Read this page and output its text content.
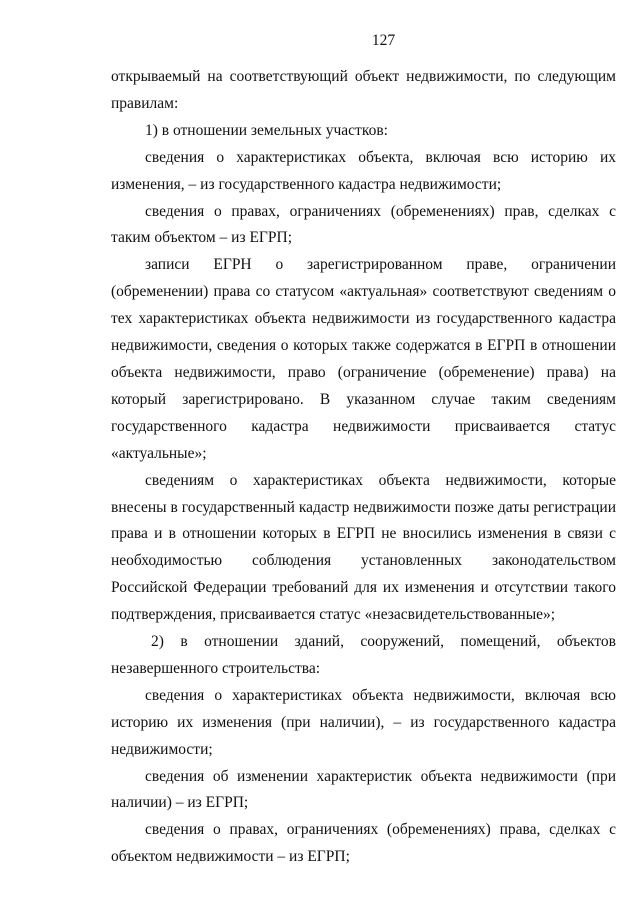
127

открываемый на соответствующий объект недвижимости, по следующим правилам:

1) в отношении земельных участков:

сведения о характеристиках объекта, включая всю историю их изменения, – из государственного кадастра недвижимости;

сведения о правах, ограничениях (обременениях) прав, сделках с таким объектом – из ЕГРП;

записи ЕГРН о зарегистрированном праве, ограничении (обременении) права со статусом «актуальная» соответствуют сведениям о тех характеристиках объекта недвижимости из государственного кадастра недвижимости, сведения о которых также содержатся в ЕГРП в отношении объекта недвижимости, право (ограничение (обременение) права) на который зарегистрировано. В указанном случае таким сведениям государственного кадастра недвижимости присваивается статус «актуальные»;

сведениям о характеристиках объекта недвижимости, которые внесены в государственный кадастр недвижимости позже даты регистрации права и в отношении которых в ЕГРП не вносились изменения в связи с необходимостью соблюдения установленных законодательством Российской Федерации требований для их изменения и отсутствии такого подтверждения, присваивается статус «незасвидетельствованные»;

2) в отношении зданий, сооружений, помещений, объектов незавершенного строительства:

сведения о характеристиках объекта недвижимости, включая всю историю их изменения (при наличии), – из государственного кадастра недвижимости;

сведения об изменении характеристик объекта недвижимости (при наличии) – из ЕГРП;

сведения о правах, ограничениях (обременениях) права, сделках с объектом недвижимости – из ЕГРП;
